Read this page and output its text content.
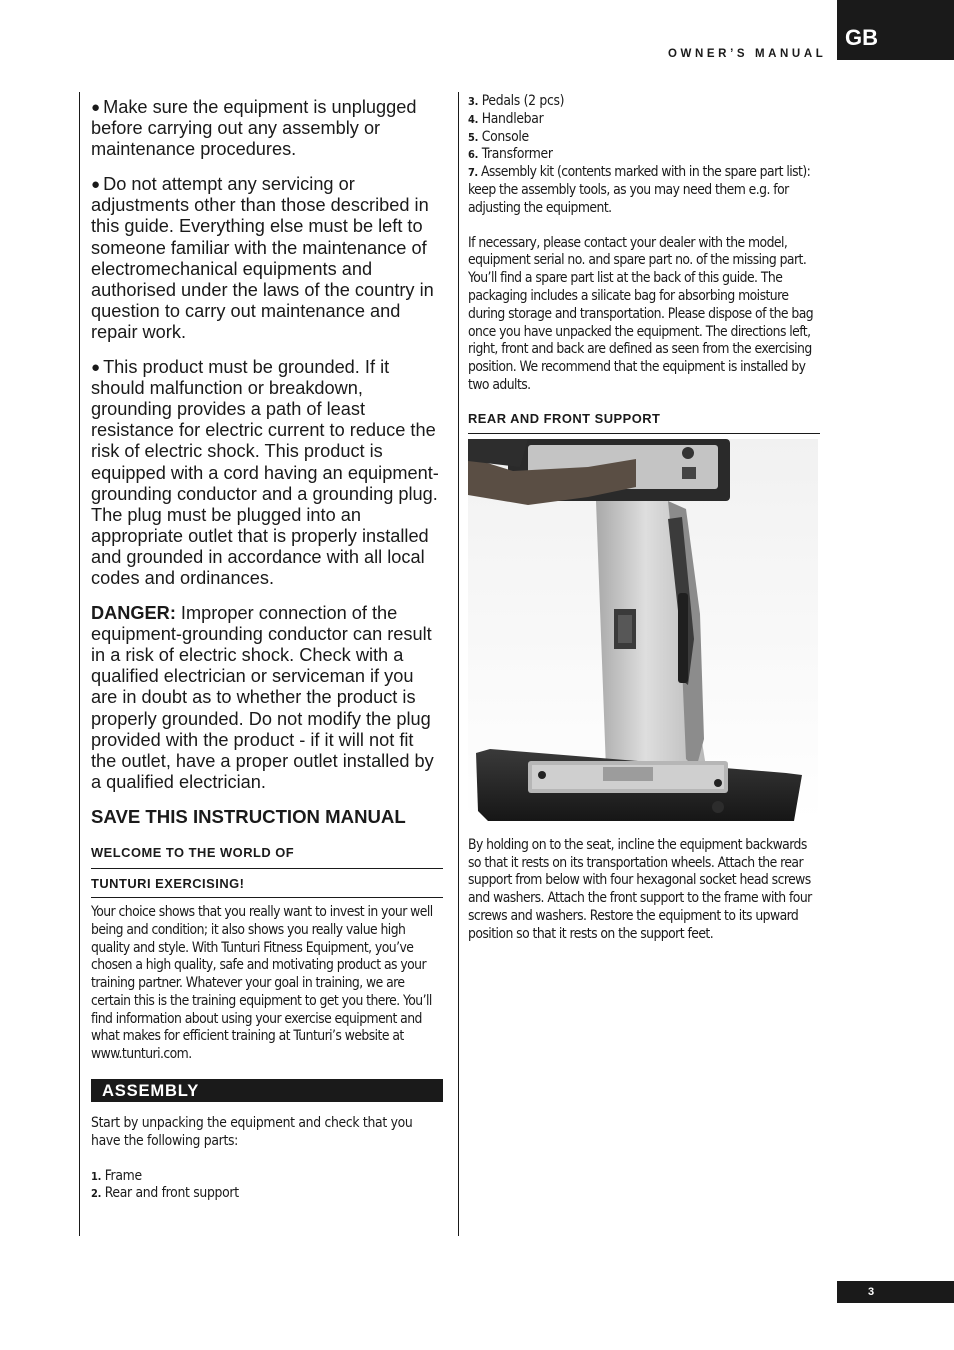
GB
OWNER’S MANUAL

● Make sure the equipment is unplugged before carrying out any assembly or maintenance procedures.

● Do not attempt any servicing or adjustments other than those described in this guide. Everything else must be left to someone familiar with the maintenance of electromechanical equipments and authorised under the laws of the country in question to carry out maintenance and repair work.

● This product must be grounded. If it should malfunction or breakdown, grounding provides a path of least resistance for electric current to reduce the risk of electric shock. This product is equipped with a cord having an equipment-grounding conductor and a grounding plug. The plug must be plugged into an appropriate outlet that is properly installed and grounded in accordance with all local codes and ordinances.

DANGER: Improper connection of the equipment-grounding conductor can result in a risk of electric shock. Check with a qualified electrician or serviceman if you are in doubt as to whether the product is properly grounded. Do not modify the plug provided with the product - if it will not fit the outlet, have a proper outlet installed by a qualified electrician.

SAVE THIS INSTRUCTION MANUAL

WELCOME TO THE WORLD OF
TUNTURI EXERCISING!

Your choice shows that you really want to invest in your well being and condition; it also shows you really value high quality and style. With Tunturi Fitness Equipment, you’ve chosen a high quality, safe and motivating product as your training partner. Whatever your goal in training, we are certain this is the training equipment to get you there. You’ll find information about using your exercise equipment and what makes for efficient training at Tunturi’s website at www.tunturi.com.

ASSEMBLY

Start by unpacking the equipment and check that you have the following parts:

1. Frame
2. Rear and front support
3. Pedals (2 pcs)
4. Handlebar
5. Console
6. Transformer
7. Assembly kit (contents marked with in the spare part list): keep the assembly tools, as you may need them e.g. for adjusting the equipment.

If necessary, please contact your dealer with the model, equipment serial no. and spare part no. of the missing part. You’ll find a spare part list at the back of this guide. The packaging includes a silicate bag for absorbing moisture during storage and transportation. Please dispose of the bag once you have unpacked the equipment. The directions left, right, front and back are defined as seen from the exercising position. We recommend that the equipment is installed by two adults.

REAR AND FRONT SUPPORT

By holding on to the seat, incline the equipment backwards so that it rests on its transportation wheels. Attach the rear support from below with four hexagonal socket head screws and washers. Attach the front support to the frame with four screws and washers. Restore the equipment to its upward position so that it rests on the support feet.

3
